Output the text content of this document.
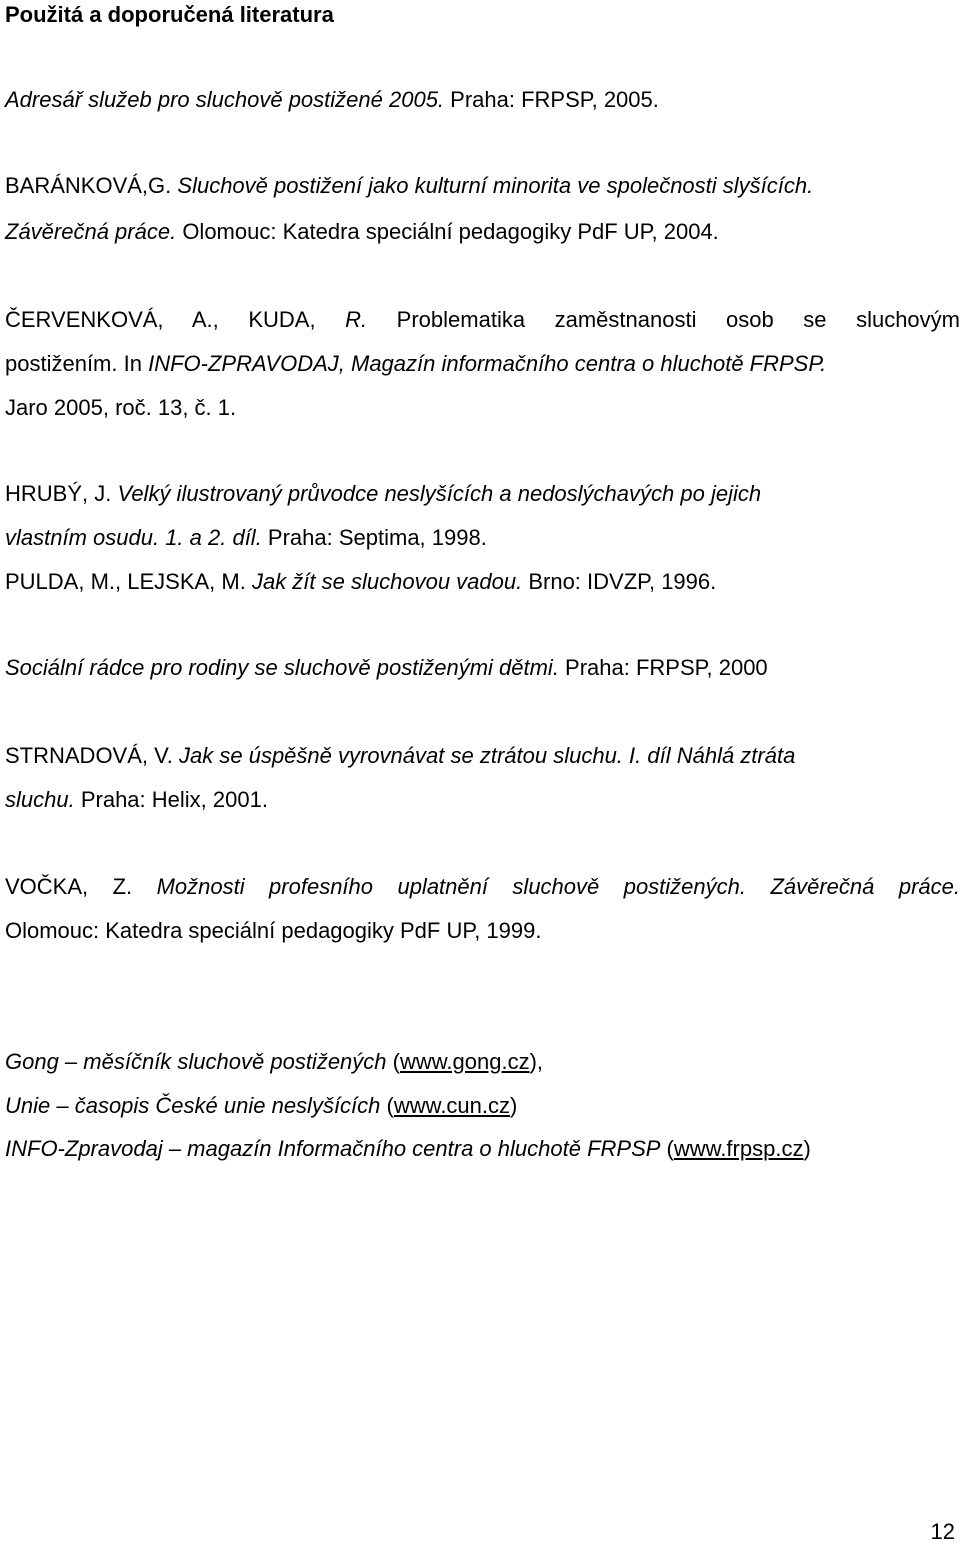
Použitá a doporučená literatura
Adresář služeb pro sluchově postižené 2005. Praha: FRPSP, 2005.
BARÁNKOVÁ,G. Sluchově postižení jako kulturní minorita ve společnosti slyšících.
Závěrečná práce. Olomouc: Katedra speciální pedagogiky PdF UP, 2004.
ČERVENKOVÁ, A., KUDA, R. Problematika zaměstnanosti osob se sluchovým
postižením. In INFO-ZPRAVODAJ, Magazín informačního centra o hluchotě FRPSP.
Jaro 2005, roč. 13, č. 1.
HRUBÝ, J. Velký ilustrovaný průvodce neslyšících a nedoslýchavých po jejich
vlastním osudu. 1. a 2. díl. Praha: Septima, 1998.
PULDA, M., LEJSKA, M. Jak žít se sluchovou vadou. Brno: IDVZP, 1996.
Sociální rádce pro rodiny se sluchově postiženými dětmi. Praha: FRPSP, 2000
STRNADOVÁ, V. Jak se úspěšně vyrovnávat se ztrátou sluchu. I. díl Náhlá ztráta
sluchu. Praha: Helix, 2001.
VOČKA, Z. Možnosti profesního uplatnění sluchově postižených. Závěrečná práce.
Olomouc: Katedra speciální pedagogiky PdF UP, 1999.
Gong – měsíčník sluchově postižených (www.gong.cz),
Unie – časopis České unie neslyšících (www.cun.cz)
INFO-Zpravodaj – magazín Informačního centra o hluchotě FRPSP (www.frpsp.cz)
12
